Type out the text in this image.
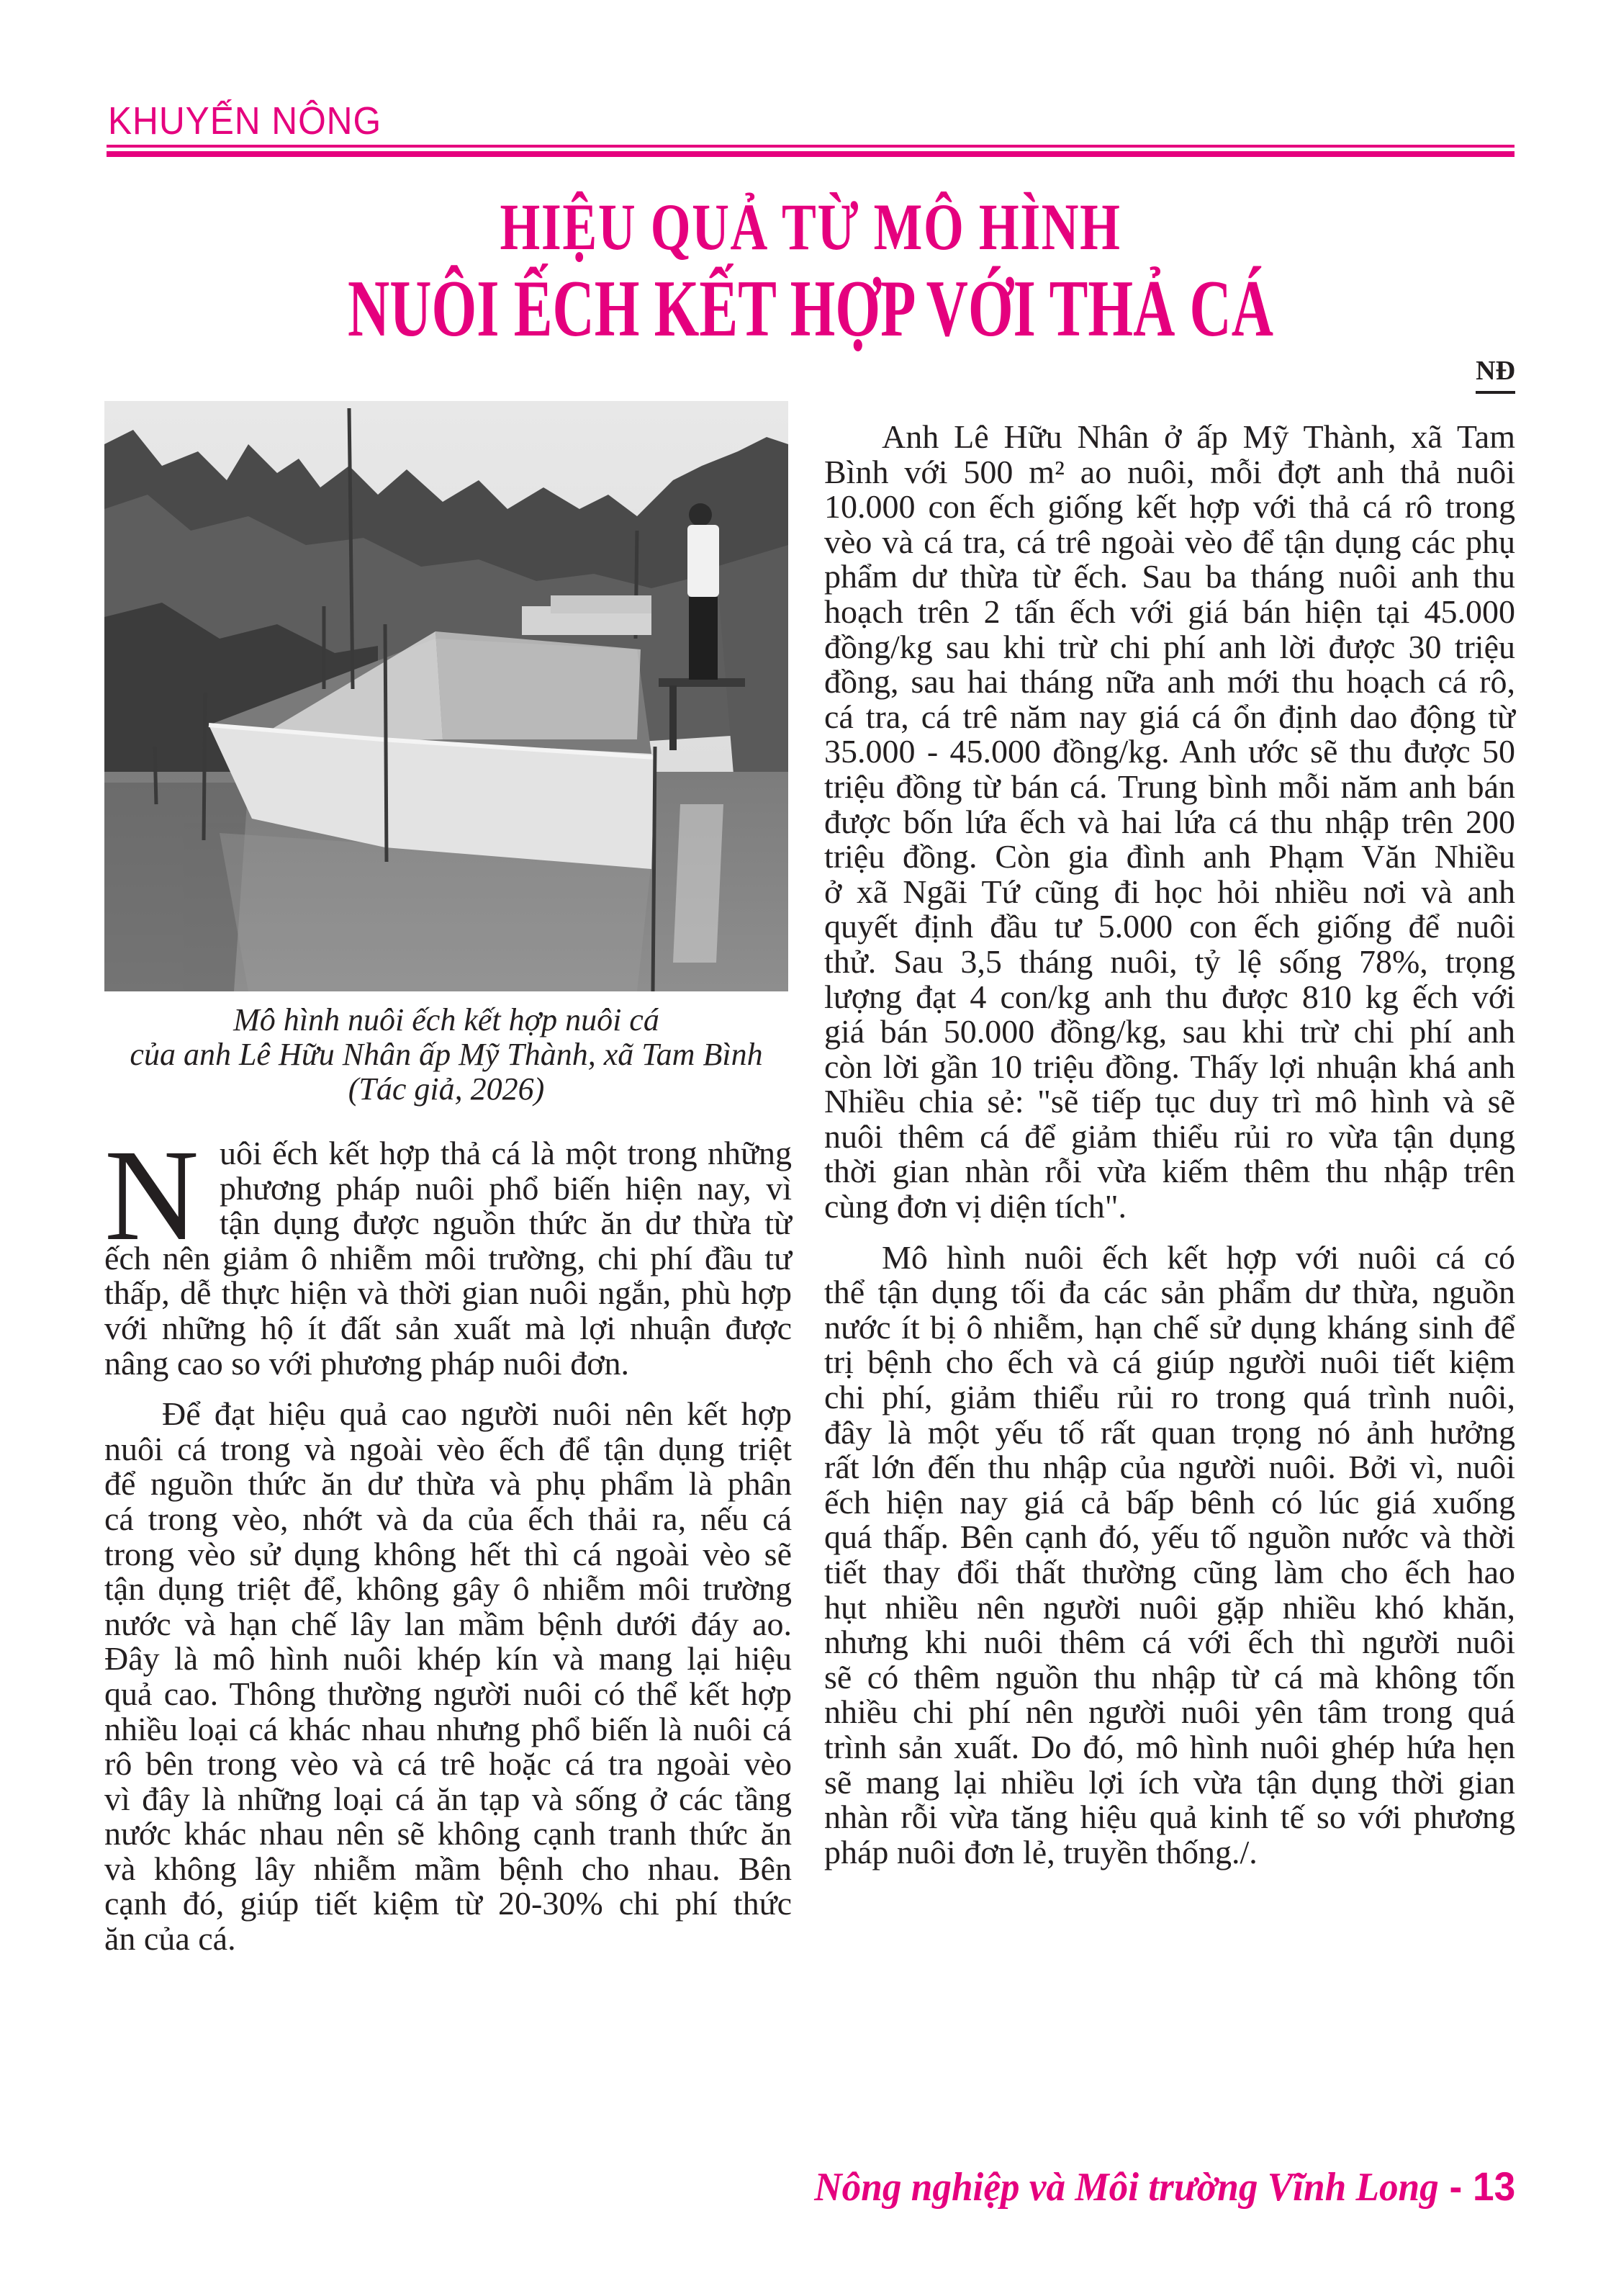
KHUYẾN NÔNG
HIỆU QUẢ TỪ MÔ HÌNH
NUÔI ẾCH KẾT HỢP VỚI THẢ CÁ
NĐ
Mô hình nuôi ếch kết hợp nuôi cá
của anh Lê Hữu Nhân ấp Mỹ Thành, xã Tam Bình
(Tác giả, 2026)

N uôi ếch kết hợp thả cá là một trong những
phương pháp nuôi phổ biến hiện nay, vì
tận dụng được nguồn thức ăn dư thừa từ
ếch nên giảm ô nhiễm môi trường, chi phí đầu tư
thấp, dễ thực hiện và thời gian nuôi ngắn, phù hợp
với những hộ ít đất sản xuất mà lợi nhuận được
nâng cao so với phương pháp nuôi đơn.

Để đạt hiệu quả cao người nuôi nên kết hợp
nuôi cá trong và ngoài vèo ếch để tận dụng triệt
để nguồn thức ăn dư thừa và phụ phẩm là phân
cá trong vèo, nhớt và da của ếch thải ra, nếu cá
trong vèo sử dụng không hết thì cá ngoài vèo sẽ
tận dụng triệt để, không gây ô nhiễm môi trường
nước và hạn chế lây lan mầm bệnh dưới đáy ao.
Đây là mô hình nuôi khép kín và mang lại hiệu
quả cao. Thông thường người nuôi có thể kết hợp
nhiều loại cá khác nhau nhưng phổ biến là nuôi cá
rô bên trong vèo và cá trê hoặc cá tra ngoài vèo
vì đây là những loại cá ăn tạp và sống ở các tầng
nước khác nhau nên sẽ không cạnh tranh thức ăn
và không lây nhiễm mầm bệnh cho nhau. Bên
cạnh đó, giúp tiết kiệm từ 20-30% chi phí thức
ăn của cá.

Anh Lê Hữu Nhân ở ấp Mỹ Thành, xã Tam
Bình với 500 m² ao nuôi, mỗi đợt anh thả nuôi
10.000 con ếch giống kết hợp với thả cá rô trong
vèo và cá tra, cá trê ngoài vèo để tận dụng các phụ
phẩm dư thừa từ ếch. Sau ba tháng nuôi anh thu
hoạch trên 2 tấn ếch với giá bán hiện tại 45.000
đồng/kg sau khi trừ chi phí anh lời được 30 triệu
đồng, sau hai tháng nữa anh mới thu hoạch cá rô,
cá tra, cá trê năm nay giá cá ổn định dao động từ
35.000 - 45.000 đồng/kg. Anh ước sẽ thu được 50
triệu đồng từ bán cá. Trung bình mỗi năm anh bán
được bốn lứa ếch và hai lứa cá thu nhập trên 200
triệu đồng. Còn gia đình anh Phạm Văn Nhiều
ở xã Ngãi Tứ cũng đi học hỏi nhiều nơi và anh
quyết định đầu tư 5.000 con ếch giống để nuôi
thử. Sau 3,5 tháng nuôi, tỷ lệ sống 78%, trọng
lượng đạt 4 con/kg anh thu được 810 kg ếch với
giá bán 50.000 đồng/kg, sau khi trừ chi phí anh
còn lời gần 10 triệu đồng. Thấy lợi nhuận khá anh
Nhiều chia sẻ: "sẽ tiếp tục duy trì mô hình và sẽ
nuôi thêm cá để giảm thiểu rủi ro vừa tận dụng
thời gian nhàn rỗi vừa kiếm thêm thu nhập trên
cùng đơn vị diện tích".

Mô hình nuôi ếch kết hợp với nuôi cá có
thể tận dụng tối đa các sản phẩm dư thừa, nguồn
nước ít bị ô nhiễm, hạn chế sử dụng kháng sinh để
trị bệnh cho ếch và cá giúp người nuôi tiết kiệm
chi phí, giảm thiểu rủi ro trong quá trình nuôi,
đây là một yếu tố rất quan trọng nó ảnh hưởng
rất lớn đến thu nhập của người nuôi. Bởi vì, nuôi
ếch hiện nay giá cả bấp bênh có lúc giá xuống
quá thấp. Bên cạnh đó, yếu tố nguồn nước và thời
tiết thay đổi thất thường cũng làm cho ếch hao
hụt nhiều nên người nuôi gặp nhiều khó khăn,
nhưng khi nuôi thêm cá với ếch thì người nuôi
sẽ có thêm nguồn thu nhập từ cá mà không tốn
nhiều chi phí nên người nuôi yên tâm trong quá
trình sản xuất. Do đó, mô hình nuôi ghép hứa hẹn
sẽ mang lại nhiều lợi ích vừa tận dụng thời gian
nhàn rỗi vừa tăng hiệu quả kinh tế so với phương
pháp nuôi đơn lẻ, truyền thống./.

Nông nghiệp và Môi trường Vĩnh Long - 13
